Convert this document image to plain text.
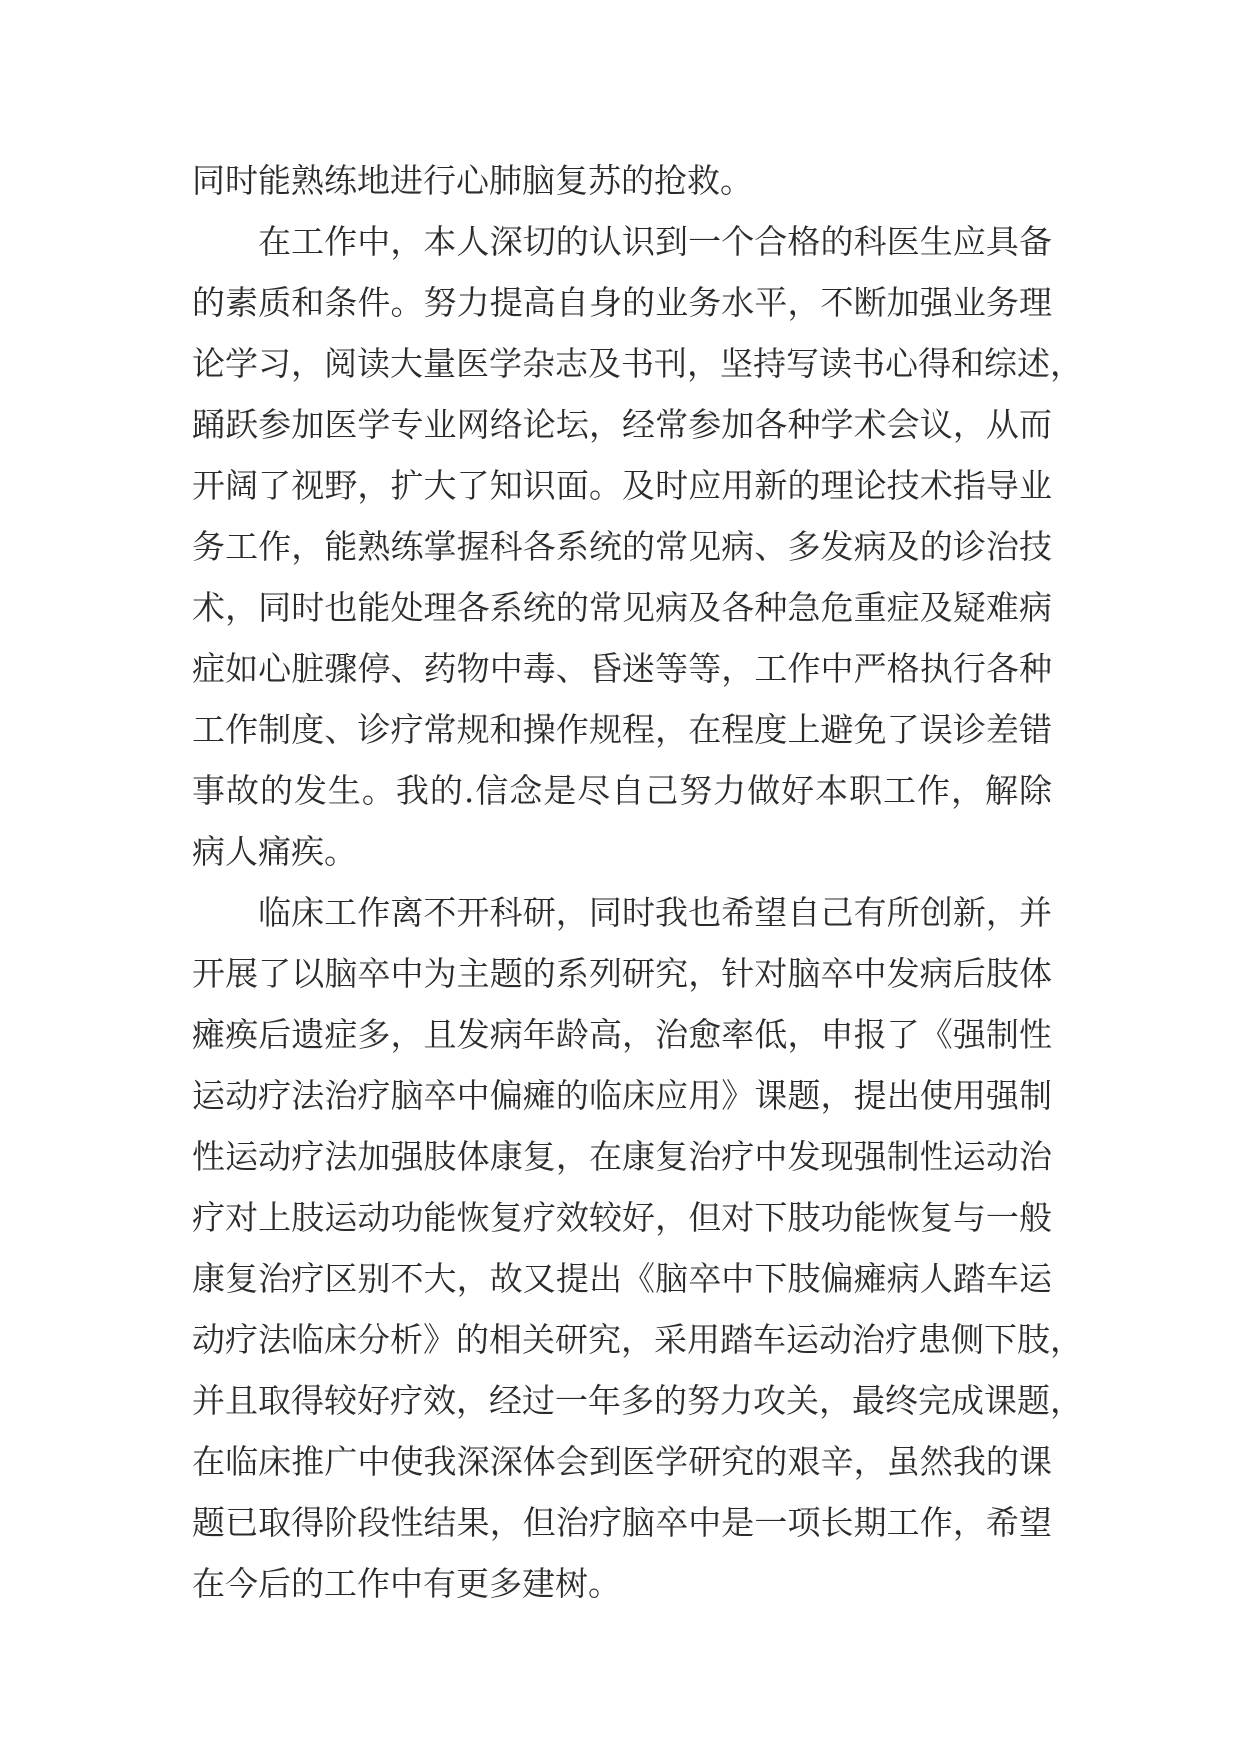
同时能熟练地进行心肺脑复苏的抢救。
在工作中，本人深切的认识到一个合格的科医生应具备
的素质和条件。努力提高自身的业务水平，不断加强业务理
论学习，阅读大量医学杂志及书刊，坚持写读书心得和综述，
踊跃参加医学专业网络论坛，经常参加各种学术会议，从而
开阔了视野，扩大了知识面。及时应用新的理论技术指导业
务工作，能熟练掌握科各系统的常见病、多发病及的诊治技
术，同时也能处理各系统的常见病及各种急危重症及疑难病
症如心脏骤停、药物中毒、昏迷等等，工作中严格执行各种
工作制度、诊疗常规和操作规程，在程度上避免了误诊差错
事故的发生。我的.信念是尽自己努力做好本职工作，解除
病人痛疾。
临床工作离不开科研，同时我也希望自己有所创新，并
开展了以脑卒中为主题的系列研究，针对脑卒中发病后肢体
瘫痪后遗症多，且发病年龄高，治愈率低，申报了《强制性
运动疗法治疗脑卒中偏瘫的临床应用》课题，提出使用强制
性运动疗法加强肢体康复，在康复治疗中发现强制性运动治
疗对上肢运动功能恢复疗效较好，但对下肢功能恢复与一般
康复治疗区别不大，故又提出《脑卒中下肢偏瘫病人踏车运
动疗法临床分析》的相关研究，采用踏车运动治疗患侧下肢，
并且取得较好疗效，经过一年多的努力攻关，最终完成课题，
在临床推广中使我深深体会到医学研究的艰辛，虽然我的课
题已取得阶段性结果，但治疗脑卒中是一项长期工作，希望
在今后的工作中有更多建树。
